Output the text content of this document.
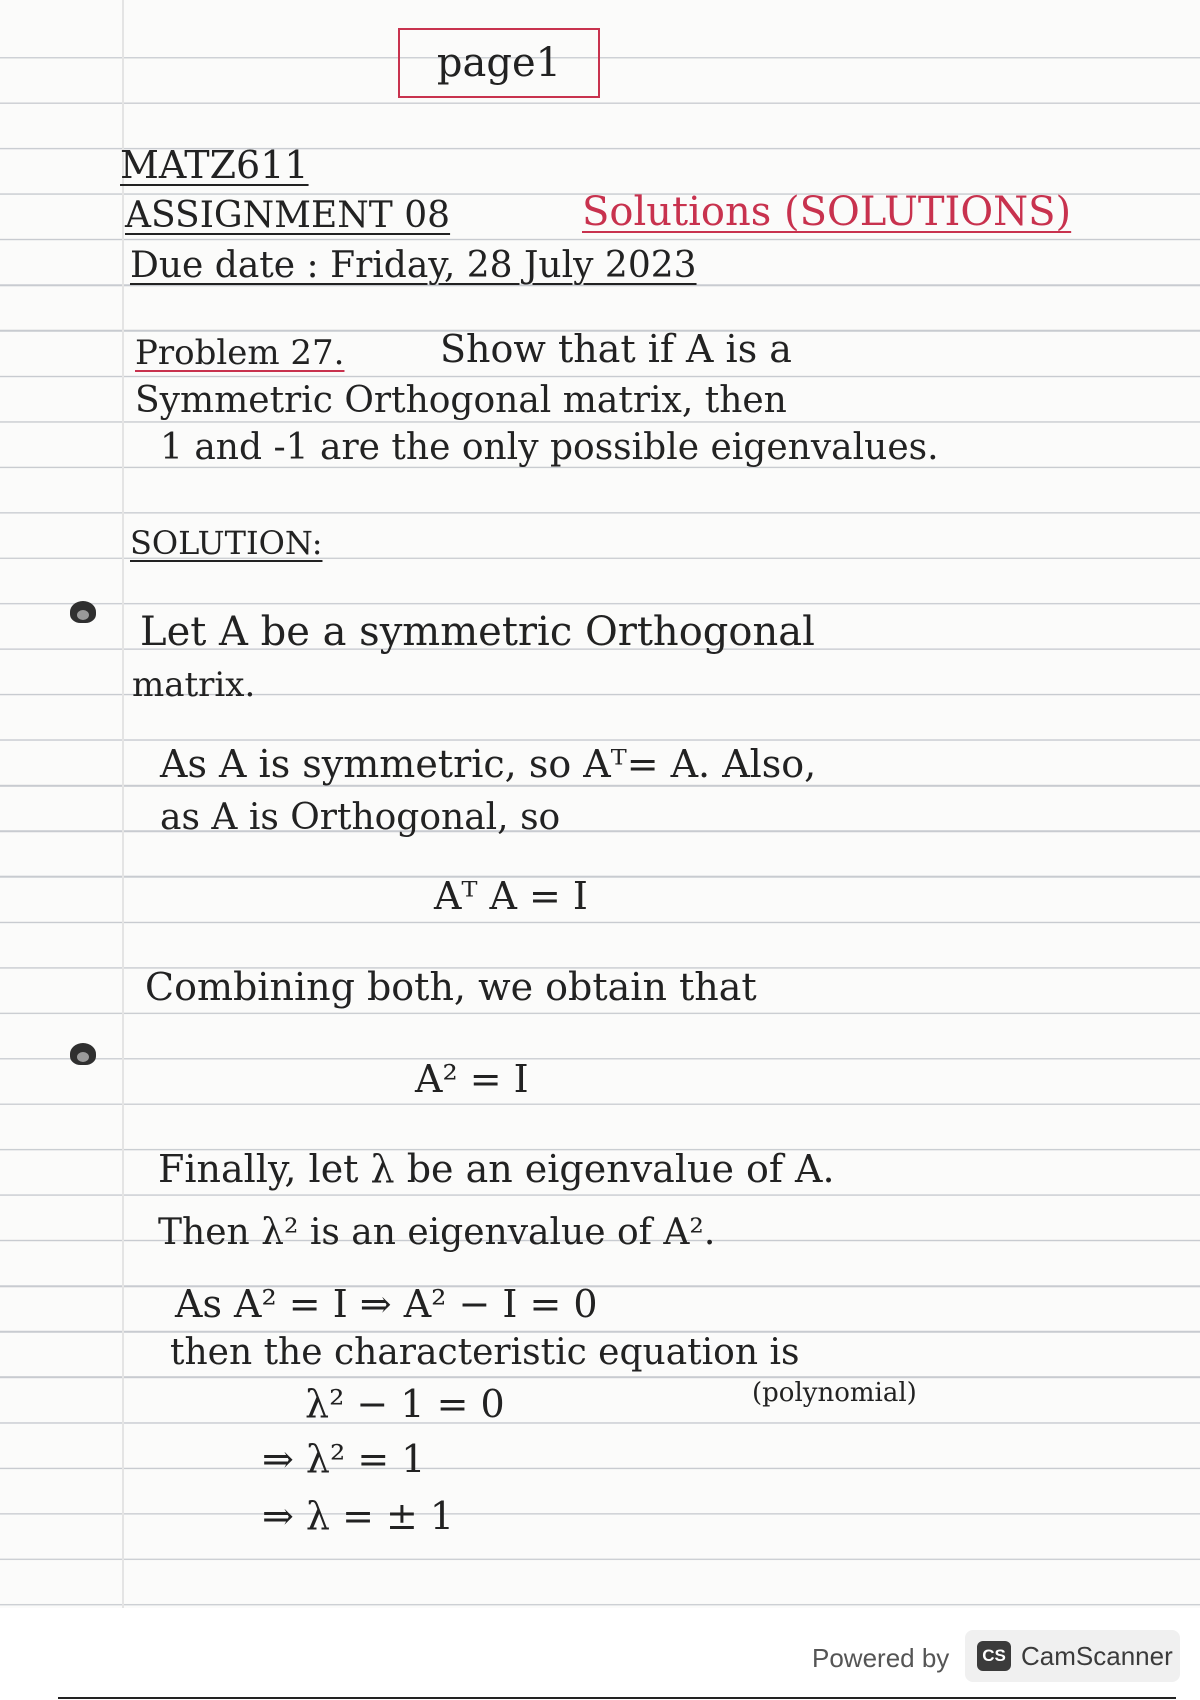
page1
MATZ611
ASSIGNMENT 08	Solutions (SOLUTIONS)
Due date : Friday, 28 July 2023
Problem 27.	Show that if A is a
Symmetric Orthogonal matrix, then
1 and -1 are the only possible eigenvalues.
SOLUTION:
Let A be a symmetric Orthogonal
matrix.
As A is symmetric, so Aᵀ= A. Also,
as A is Orthogonal, so
Aᵀ A = I
Combining both, we obtain that
A² = I
Finally, let λ be an eigenvalue of A.
Then λ² is an eigenvalue of A².
As A² = I ⇒ A² − I = 0
then the characteristic equation is
(polynomial)
λ² − 1 = 0
⇒ λ² = 1
⇒ λ = ± 1
Powered by	CS CamScanner
